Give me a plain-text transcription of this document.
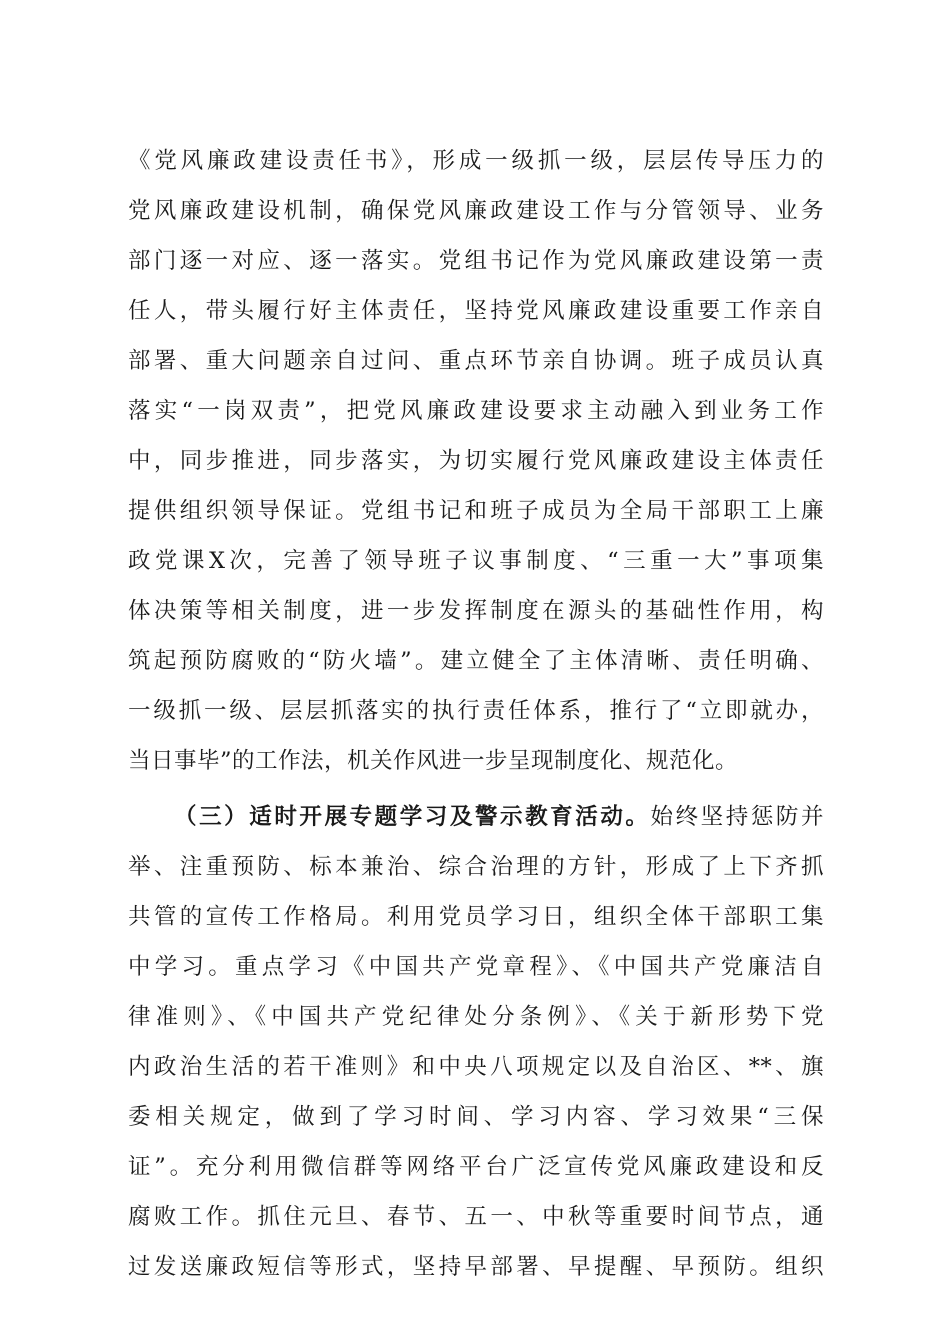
《党风廉政建设责任书》，形成一级抓一级，层层传导压力的
党风廉政建设机制，确保党风廉政建设工作与分管领导、业务
部门逐一对应、逐一落实。党组书记作为党风廉政建设第一责
任人，带头履行好主体责任，坚持党风廉政建设重要工作亲自
部署、重大问题亲自过问、重点环节亲自协调。班子成员认真
落实“一岗双责”，把党风廉政建设要求主动融入到业务工作
中，同步推进，同步落实，为切实履行党风廉政建设主体责任
提供组织领导保证。党组书记和班子成员为全局干部职工上廉
政党课X次，完善了领导班子议事制度、“三重一大”事项集
体决策等相关制度，进一步发挥制度在源头的基础性作用，构
筑起预防腐败的“防火墙”。建立健全了主体清晰、责任明确、
一级抓一级、层层抓落实的执行责任体系，推行了“立即就办，
当日事毕”的工作法，机关作风进一步呈现制度化、规范化。
（三）适时开展专题学习及警示教育活动。始终坚持惩防并
举、注重预防、标本兼治、综合治理的方针，形成了上下齐抓
共管的宣传工作格局。利用党员学习日，组织全体干部职工集
中学习。重点学习《中国共产党章程》、《中国共产党廉洁自
律准则》、《中国共产党纪律处分条例》、《关于新形势下党
内政治生活的若干准则》和中央八项规定以及自治区、**、旗
委相关规定，做到了学习时间、学习内容、学习效果“三保
证”。充分利用微信群等网络平台广泛宣传党风廉政建设和反
腐败工作。抓住元旦、春节、五一、中秋等重要时间节点，通
过发送廉政短信等形式，坚持早部署、早提醒、早预防。组织
